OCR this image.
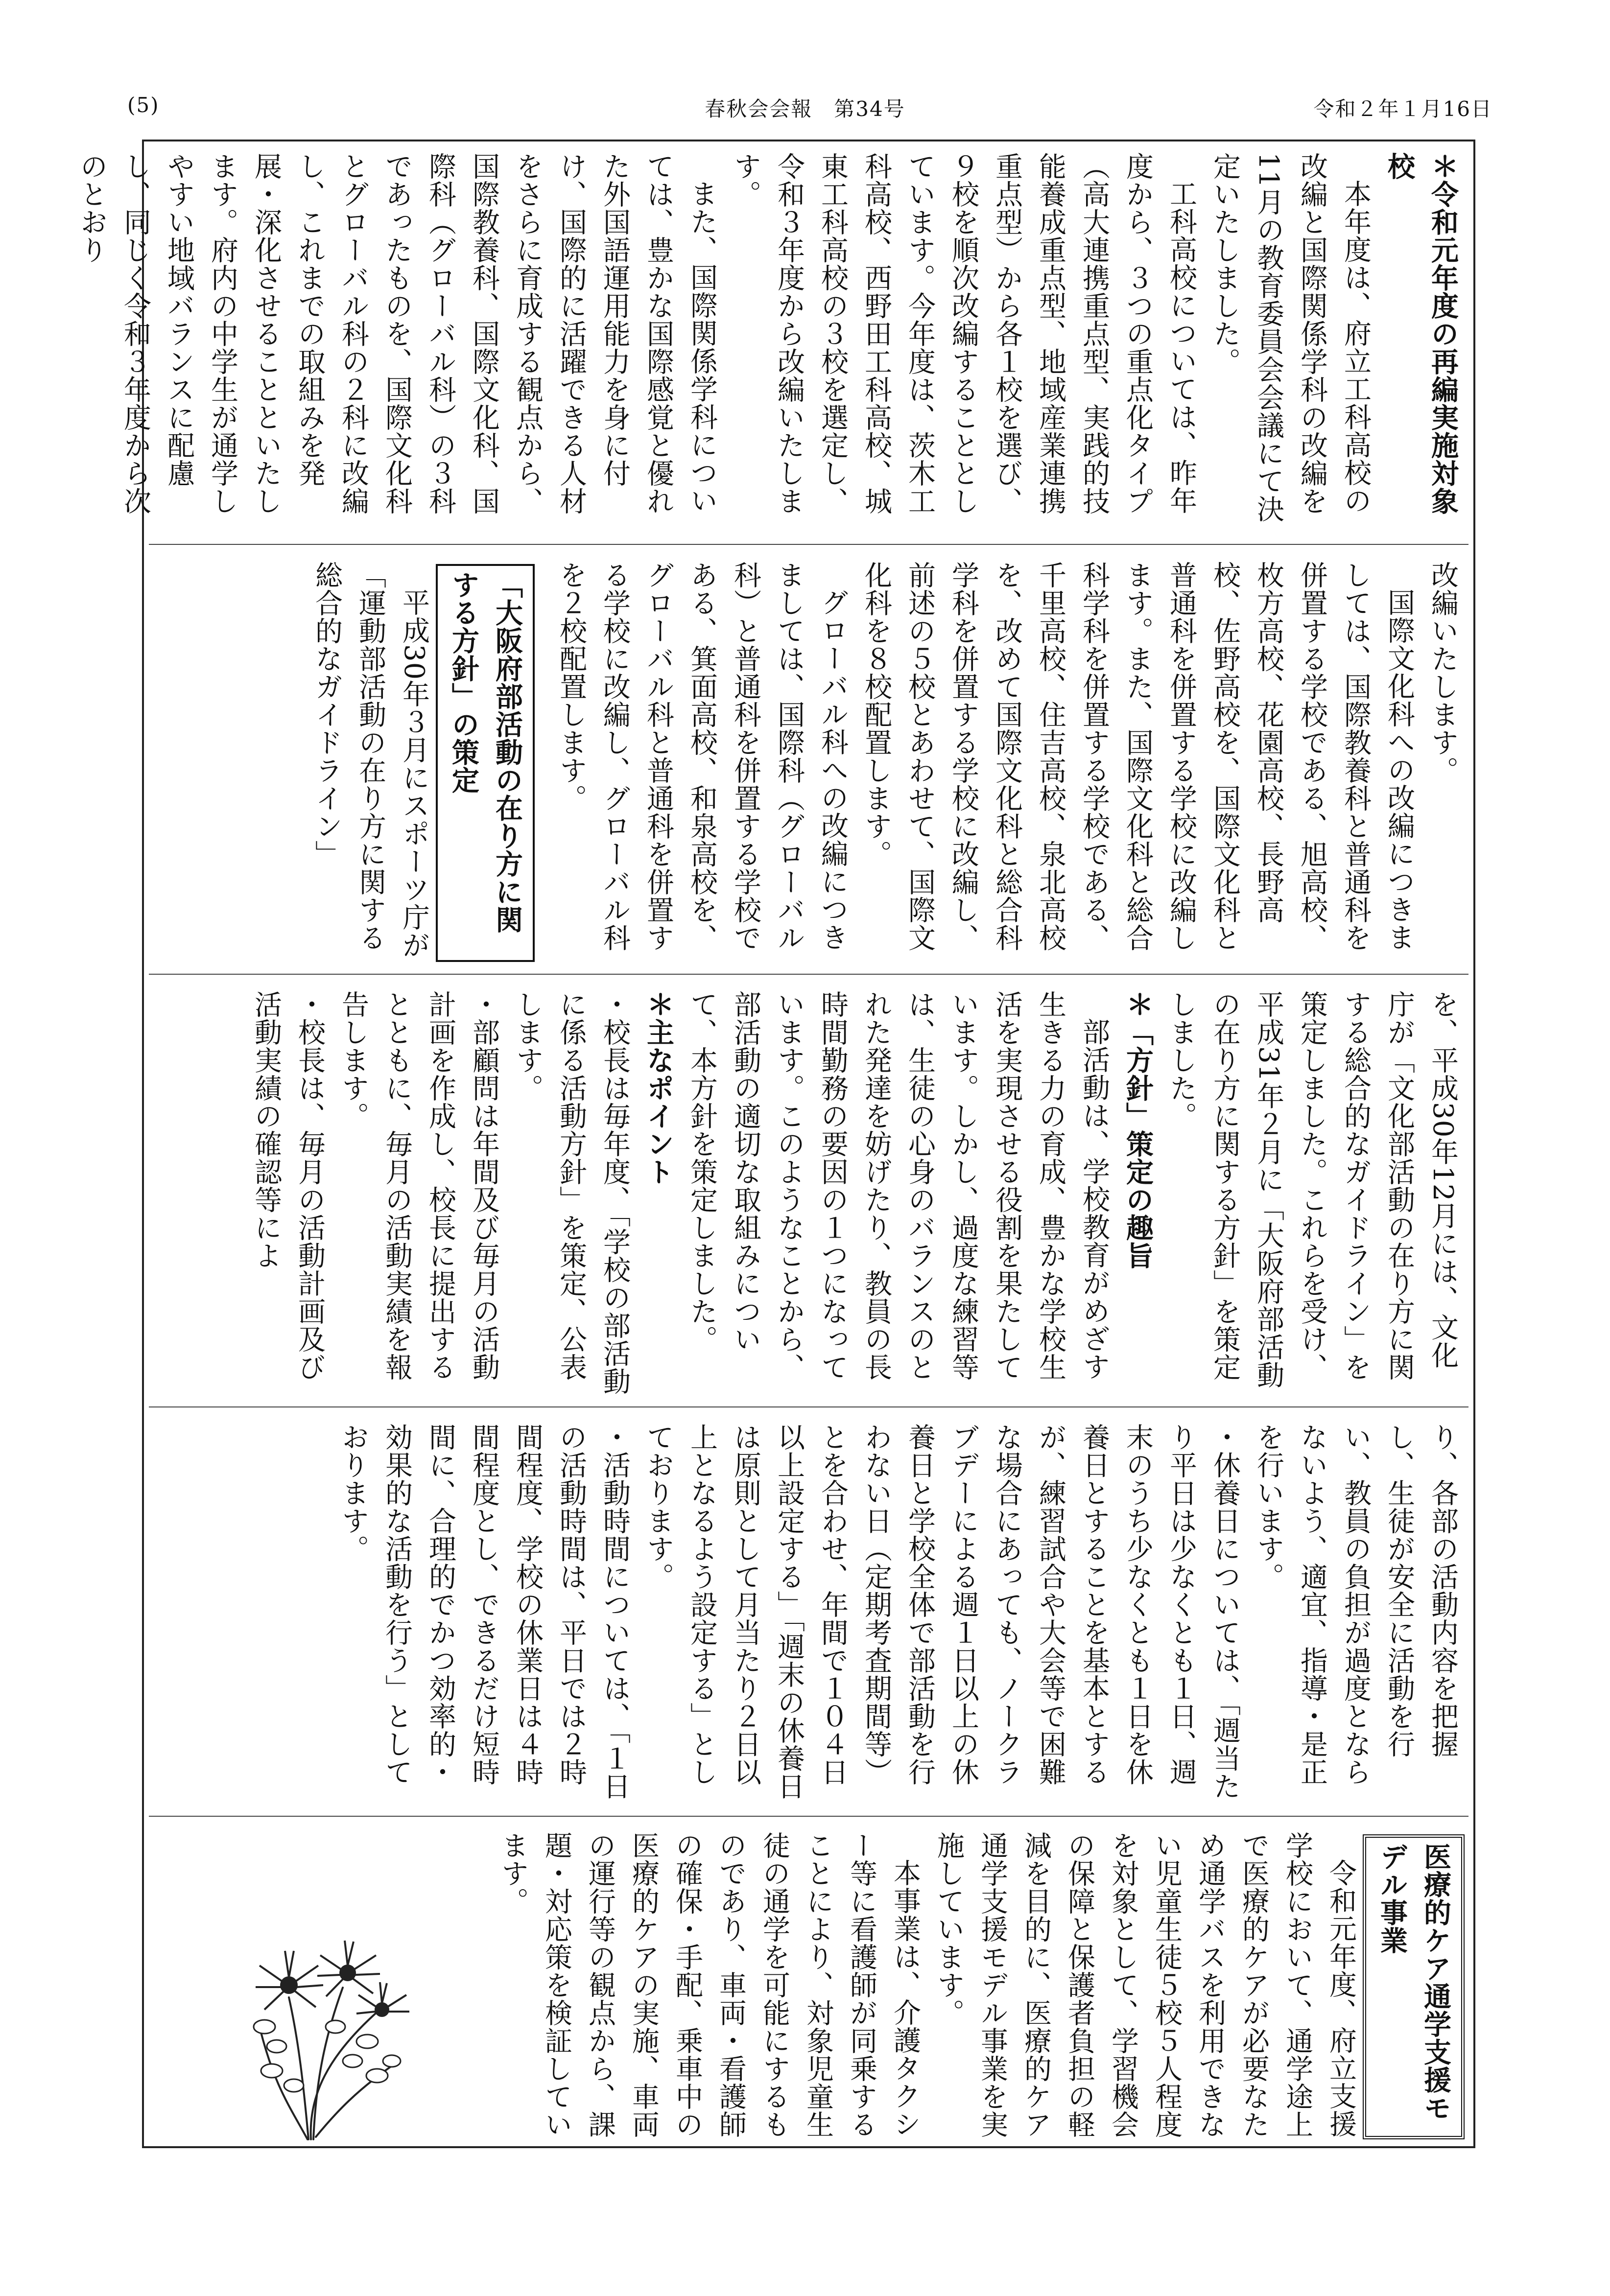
(5)	春秋会会報　第34号	令和２年１月16日

＊令和元年度の再編実施対象校

本年度は、府立工科高校の改編と国際関係学科の改編を11月の教育委員会会議にて決定いたしました。

工科高校については、昨年度から、３つの重点化タイプ（高大連携重点型、実践的技能養成重点型、地域産業連携重点型）から各１校を選び、９校を順次改編することとしています。今年度は、茨木工科高校、西野田工科高校、城東工科高校の３校を選定し、令和３年度から改編いたします。

また、国際関係学科については、豊かな国際感覚と優れた外国語運用能力を身に付け、国際的に活躍できる人材をさらに育成する観点から、国際教養科、国際文化科、国際科（グローバル科）の３科であったものを、国際文化科とグローバル科の２科に改編し、これまでの取組みを発展・深化させることといたします。府内の中学生が通学しやすい地域バランスに配慮し、同じく令和３年度から次のとおり

改編いたします。

国際文化科への改編につきましては、国際教養科と普通科を併置する学校である、旭高校、枚方高校、花園高校、長野高校、佐野高校を、国際文化科と普通科を併置する学校に改編します。また、国際文化科と総合科学科を併置する学校である、千里高校、住吉高校、泉北高校を、改めて国際文化科と総合科学科を併置する学校に改編し、前述の５校とあわせて、国際文化科を８校配置します。

グローバル科への改編につきましては、国際科（グローバル科）と普通科を併置する学校である、箕面高校、和泉高校を、グローバル科と普通科を併置する学校に改編し、グローバル科を２校配置します。

「大阪府部活動の在り方に関する方針」の策定

平成30年３月にスポーツ庁が「運動部活動の在り方に関する総合的なガイドライン」

を、平成30年12月には、文化庁が「文化部活動の在り方に関する総合的なガイドライン」を策定しました。これらを受け、平成31年２月に「大阪府部活動の在り方に関する方針」を策定しました。

＊「方針」策定の趣旨

部活動は、学校教育がめざす生きる力の育成、豊かな学校生活を実現させる役割を果たしています。しかし、過度な練習等は、生徒の心身のバランスのとれた発達を妨げたり、教員の長時間勤務の要因の１つになっています。このようなことから、部活動の適切な取組みについて、本方針を策定しました。

＊主なポイント

・校長は毎年度、「学校の部活動に係る活動方針」を策定、公表します。

・部顧問は年間及び毎月の活動計画を作成し、校長に提出するとともに、毎月の活動実績を報告します。

・校長は、毎月の活動計画及び活動実績の確認等によ

り、各部の活動内容を把握し、生徒が安全に活動を行い、教員の負担が過度とならないよう、適宜、指導・是正を行います。

・休養日については、「週当たり平日は少なくとも１日、週末のうち少なくとも１日を休養日とすることを基本とするが、練習試合や大会等で困難な場合にあっても、ノークラブデーによる週１日以上の休養日と学校全体で部活動を行わない日（定期考査期間等）とを合わせ、年間で１０４日以上設定する」「週末の休養日は原則として月当たり２日以上となるよう設定する」としております。

・活動時間については、「１日の活動時間は、平日では２時間程度、学校の休業日は４時間程度とし、できるだけ短時間に、合理的でかつ効率的・効果的な活動を行う」としております。

医療的ケア通学支援モデル事業

令和元年度、府立支援学校において、通学途上で医療的ケアが必要なため通学バスを利用できない児童生徒５校５人程度を対象として、学習機会の保障と保護者負担の軽減を目的に、医療的ケア通学支援モデル事業を実施しています。

本事業は、介護タクシー等に看護師が同乗することにより、対象児童生徒の通学を可能にするものであり、車両・看護師の確保・手配、乗車中の医療的ケアの実施、車両の運行等の観点から、課題・対応策を検証しています。
